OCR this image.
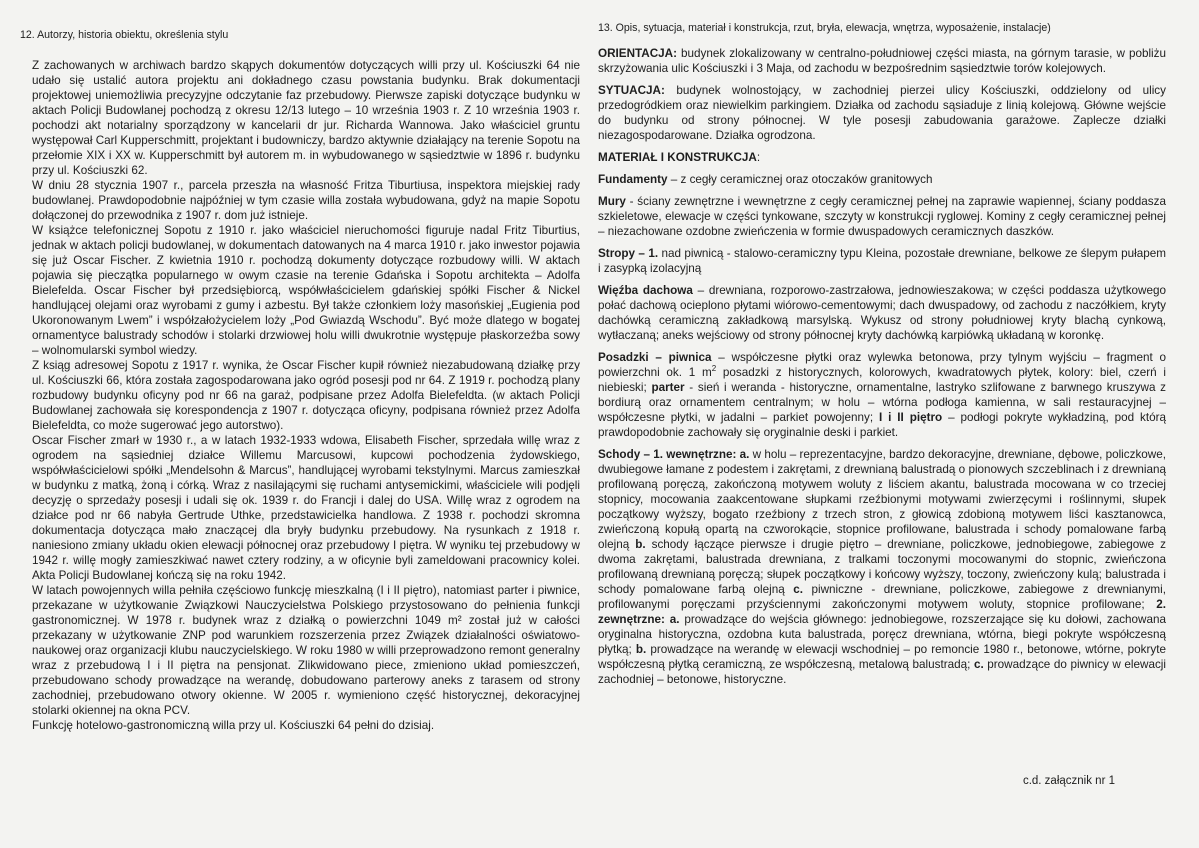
12. Autorzy, historia obiektu, określenia stylu

Z zachowanych w archiwach bardzo skąpych dokumentów dotyczących willi przy ul. Kościuszki 64 nie udało się ustalić autora projektu ani dokładnego czasu powstania budynku. Brak dokumentacji projektowej uniemożliwia precyzyjne odczytanie faz przebudowy. Pierwsze zapiski dotyczące budynku w aktach Policji Budowlanej pochodzą z okresu 12/13 lutego – 10 września 1903 r. Z 10 września 1903 r. pochodzi akt notarialny sporządzony w kancelarii dr jur. Richarda Wannowa. Jako właściciel gruntu występował Carl Kupperschmitt, projektant i budowniczy, bardzo aktywnie działający na terenie Sopotu na przełomie XIX i XX w. Kupperschmitt był autorem m. in wybudowanego w sąsiedztwie w 1896 r. budynku przy ul. Kościuszki 62.

W dniu 28 stycznia 1907 r., parcela przeszła na własność Fritza Tiburtiusa, inspektora miejskiej rady budowlanej. Prawdopodobnie najpóźniej w tym czasie willa została wybudowana, gdyż na mapie Sopotu dołączonej do przewodnika z 1907 r. dom już istnieje.

W książce telefonicznej Sopotu z 1910 r. jako właściciel nieruchomości figuruje nadal Fritz Tiburtius, jednak w aktach policji budowlanej, w dokumentach datowanych na 4 marca 1910 r. jako inwestor pojawia się już Oscar Fischer. Z kwietnia 1910 r. pochodzą dokumenty dotyczące rozbudowy willi. W aktach pojawia się pieczątka popularnego w owym czasie na terenie Gdańska i Sopotu architekta – Adolfa Bielefelda. Oscar Fischer był przedsiębiorcą, współwłaścicielem gdańskiej spółki Fischer & Nickel handlującej olejami oraz wyrobami z gumy i azbestu. Był także członkiem loży masońskiej „Eugienia pod Ukoronowanym Lwem” i współzałożycielem loży „Pod Gwiazdą Wschodu”. Być może dlatego w bogatej ornamentyce balustrady schodów i stolarki drzwiowej holu willi dwukrotnie występuje płaskorzeźba sowy – wolnomularski symbol wiedzy.

Z ksiąg adresowej Sopotu z 1917 r. wynika, że Oscar Fischer kupił również niezabudowaną działkę przy ul. Kościuszki 66, która została zagospodarowana jako ogród posesji pod nr 64. Z 1919 r. pochodzą plany rozbudowy budynku oficyny pod nr 66 na garaż, podpisane przez Adolfa Bielefeldta. (w aktach Policji Budowlanej zachowała się korespondencja z 1907 r. dotycząca oficyny, podpisana również przez Adolfa Bielefeldta, co może sugerować jego autorstwo).

Oscar Fischer zmarł w 1930 r., a w latach 1932-1933 wdowa, Elisabeth Fischer, sprzedała willę wraz z ogrodem na sąsiedniej działce Willemu Marcusowi, kupcowi pochodzenia żydowskiego, współwłaścicielowi spółki „Mendelsohn & Marcus”, handlującej wyrobami tekstylnymi. Marcus zamieszkał w budynku z matką, żoną i córką. Wraz z nasilającymi się ruchami antysemickimi, właściciele wili podjęli decyzję o sprzedaży posesji i udali się ok. 1939 r. do Francji i dalej do USA. Willę wraz z ogrodem na działce pod nr 66 nabyła Gertrude Uthke, przedstawicielka handlowa. Z 1938 r. pochodzi skromna dokumentacja dotycząca mało znaczącej dla bryły budynku przebudowy. Na rysunkach z 1918 r. naniesiono zmiany układu okien elewacji północnej oraz przebudowy I piętra. W wyniku tej przebudowy w 1942 r. willę mogły zamieszkiwać nawet cztery rodziny, a w oficynie byli zameldowani pracownicy kolei. Akta Policji Budowlanej kończą się na roku 1942.

W latach powojennych willa pełniła częściowo funkcję mieszkalną (I i II piętro), natomiast parter i piwnice, przekazane w użytkowanie Związkowi Nauczycielstwa Polskiego przystosowano do pełnienia funkcji gastronomicznej. W 1978 r. budynek wraz z działką o powierzchni 1049 m² został już w całości przekazany w użytkowanie ZNP pod warunkiem rozszerzenia przez Związek działalności oświatowo-naukowej oraz organizacji klubu nauczycielskiego. W roku 1980 w willi przeprowadzono remont generalny wraz z przebudową I i II piętra na pensjonat. Zlikwidowano piece, zmieniono układ pomieszczeń, przebudowano schody prowadzące na werandę, dobudowano parterowy aneks z tarasem od strony zachodniej, przebudowano otwory okienne. W 2005 r. wymieniono część historycznej, dekoracyjnej stolarki okiennej na okna PCV.

Funkcję hotelowo-gastronomiczną willa przy ul. Kościuszki 64 pełni do dzisiaj.

13. Opis, sytuacja, materiał i konstrukcja, rzut, bryła, elewacja, wnętrza, wyposażenie, instalacje)

ORIENTACJA: budynek zlokalizowany w centralno-południowej części miasta, na górnym tarasie, w pobliżu skrzyżowania ulic Kościuszki i 3 Maja, od zachodu w bezpośrednim sąsiedztwie torów kolejowych.

SYTUACJA: budynek wolnostojący, w zachodniej pierzei ulicy Kościuszki, oddzielony od ulicy przedogródkiem oraz niewielkim parkingiem. Działka od zachodu sąsiaduje z linią kolejową. Główne wejście do budynku od strony północnej. W tyle posesji zabudowania garażowe. Zaplecze działki niezagospodarowane. Działka ogrodzona.

MATERIAŁ I KONSTRUKCJA:

Fundamenty – z cegły ceramicznej oraz otoczaków granitowych

Mury - ściany zewnętrzne i wewnętrzne z cegły ceramicznej pełnej na zaprawie wapiennej, ściany poddasza szkieletowe, elewacje w części tynkowane, szczyty w konstrukcji ryglowej. Kominy z cegły ceramicznej pełnej – niezachowane ozdobne zwieńczenia w formie dwuspadowych ceramicznych daszków.

Stropy – 1. nad piwnicą - stalowo-ceramiczny typu Kleina, pozostałe drewniane, belkowe ze ślepym pułapem i zasypką izolacyjną

Więźba dachowa – drewniana, rozporowo-zastrzałowa, jednowieszakowa; w części poddasza użytkowego połać dachową ocieplono płytami wiórowo-cementowymi; dach dwuspadowy, od zachodu z naczółkiem, kryty dachówką ceramiczną zakładkową marsylską. Wykusz od strony południowej kryty blachą cynkową, wytłaczaną; aneks wejściowy od strony północnej kryty dachówką karpiówką układaną w koronkę.

Posadzki – piwnica – współczesne płytki oraz wylewka betonowa, przy tylnym wyjściu – fragment o powierzchni ok. 1 $m^2$ posadzki z historycznych, kolorowych, kwadratowych płytek, kolory: biel, czerń i niebieski; parter - sień i weranda - historyczne, ornamentalne, lastryko szlifowane z barwnego kruszywa z bordiurą oraz ornamentem centralnym; w holu – wtórna podłoga kamienna, w sali restauracyjnej – współczesne płytki, w jadalni – parkiet powojenny; I i II piętro – podłogi pokryte wykładziną, pod którą prawdopodobnie zachowały się oryginalnie deski i parkiet.

Schody – 1. wewnętrzne: a. w holu – reprezentacyjne, bardzo dekoracyjne, drewniane, dębowe, policzkowe, dwubiegowe łamane z podestem i zakrętami, z drewnianą balustradą o pionowych szczeblinach i z drewnianą profilowaną poręczą, zakończoną motywem woluty z liściem akantu, balustrada mocowana w co trzeciej stopnicy, mocowania zaakcentowane słupkami rzeźbionymi motywami zwierzęcymi i roślinnymi, słupek początkowy wyższy, bogato rzeźbiony z trzech stron, z głowicą zdobioną motywem liści kasztanowca, zwieńczoną kopułą opartą na czworokącie, stopnice profilowane, balustrada i schody pomalowane farbą olejną b. schody łączące pierwsze i drugie piętro – drewniane, policzkowe, jednobiegowe, zabiegowe z dwoma zakrętami, balustrada drewniana, z tralkami toczonymi mocowanymi do stopnic, zwieńczona profilowaną drewnianą poręczą; słupek początkowy i końcowy wyższy, toczony, zwieńczony kulą; balustrada i schody pomalowane farbą olejną c. piwniczne - drewniane, policzkowe, zabiegowe z drewnianymi, profilowanymi poręczami przyściennymi zakończonymi motywem woluty, stopnice profilowane; 2. zewnętrzne: a. prowadzące do wejścia głównego: jednobiegowe, rozszerzające się ku dołowi, zachowana oryginalna historyczna, ozdobna kuta balustrada, poręcz drewniana, wtórna, biegi pokryte współczesną płytką; b. prowadzące na werandę w elewacji wschodniej – po remoncie 1980 r., betonowe, wtórne, pokryte współczesną płytką ceramiczną, ze współczesną, metalową balustradą; c. prowadzące do piwnicy w elewacji zachodniej – betonowe, historyczne.

c.d. załącznik nr 1
